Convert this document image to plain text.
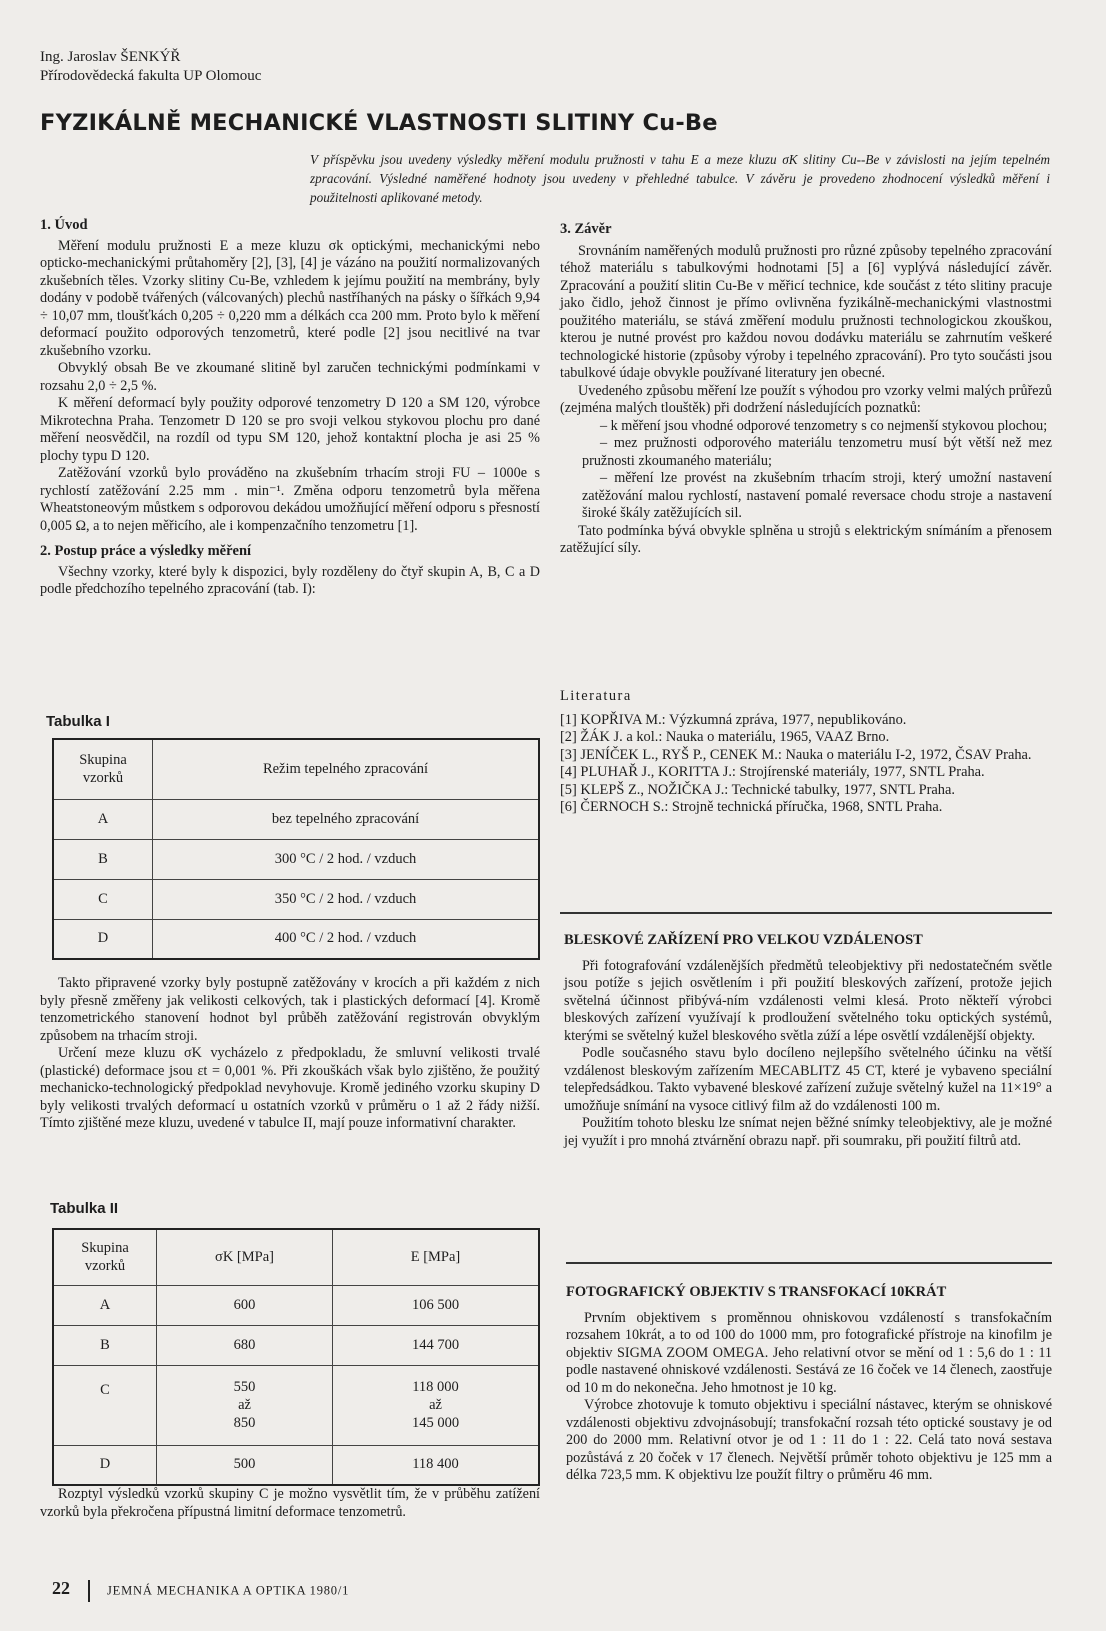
Ing. Jaroslav ŠENKÝŘ
Přírodovědecká fakulta UP Olomouc
FYZIKÁLNĚ MECHANICKÉ VLASTNOSTI SLITINY Cu-Be
V příspěvku jsou uvedeny výsledky měření modulu pružnosti v tahu E a meze kluzu σK slitiny Cu--Be v závislosti na jejím tepelném zpracování. Výsledné naměřené hodnoty jsou uvedeny v přehledné tabulce. V závěru je provedeno zhodnocení výsledků měření i použitelnosti aplikované metody.

1. Úvod

Měření modulu pružnosti E a meze kluzu σk optickými, mechanickými nebo opticko-mechanickými průtahoměry [2], [3], [4] je vázáno na použití normalizovaných zkušebních těles. Vzorky slitiny Cu-Be, vzhledem k jejímu použití na membrány, byly dodány v podobě tvářených (válcovaných) plechů nastříhaných na pásky o šířkách 9,94 ÷ 10,07 mm, tloušťkách 0,205 ÷ 0,220 mm a délkách cca 200 mm. Proto bylo k měření deformací použito odporových tenzometrů, které podle [2] jsou necitlivé na tvar zkušebního vzorku.

Obvyklý obsah Be ve zkoumané slitině byl zaručen technickými podmínkami v rozsahu 2,0 ÷ 2,5 %.

K měření deformací byly použity odporové tenzometry D 120 a SM 120, výrobce Mikrotechna Praha. Tenzometr D 120 se pro svoji velkou stykovou plochu pro dané měření neosvědčil, na rozdíl od typu SM 120, jehož kontaktní plocha je asi 25 % plochy typu D 120.

Zatěžování vzorků bylo prováděno na zkušebním trhacím stroji FU – 1000e s rychlostí zatěžování 2.25 mm . min⁻¹. Změna odporu tenzometrů byla měřena Wheatstoneovým můstkem s odporovou dekádou umožňující měření odporu s přesností 0,005 Ω, a to nejen měřicího, ale i kompenzačního tenzometru [1].

2. Postup práce a výsledky měření

Všechny vzorky, které byly k dispozici, byly rozděleny do čtyř skupin A, B, C a D podle předchozího tepelného zpracování (tab. I):

Tabulka I
Skupina
vzorků	Režim tepelného zpracování
A	bez tepelného zpracování
B	300 °C / 2 hod. / vzduch
C	350 °C / 2 hod. / vzduch
D	400 °C / 2 hod. / vzduch

Takto připravené vzorky byly postupně zatěžovány v krocích a při každém z nich byly přesně změřeny jak velikosti celkových, tak i plastických deformací [4]. Kromě tenzometrického stanovení hodnot byl průběh zatěžování registrován obvyklým způsobem na trhacím stroji.

Určení meze kluzu σK vycházelo z předpokladu, že smluvní velikosti trvalé (plastické) deformace jsou εt = 0,001 %. Při zkouškách však bylo zjištěno, že použitý mechanicko-technologický předpoklad nevyhovuje. Kromě jediného vzorku skupiny D byly velikosti trvalých deformací u ostatních vzorků v průměru o 1 až 2 řády nižší. Tímto zjištěné meze kluzu, uvedené v tabulce II, mají pouze informativní charakter.

Tabulka II
Skupina
vzorků	σK [MPa]	E [MPa]
A	600	106 500
B	680	144 700
C	550
až
850	118 000
až
145 000
D	500	118 400

Rozptyl výsledků vzorků skupiny C je možno vysvětlit tím, že v průběhu zatížení vzorků byla překročena přípustná limitní deformace tenzometrů.

3. Závěr

Srovnáním naměřených modulů pružnosti pro různé způsoby tepelného zpracování téhož materiálu s tabulkovými hodnotami [5] a [6] vyplývá následující závěr. Zpracování a použití slitin Cu-Be v měřicí technice, kde součást z této slitiny pracuje jako čidlo, jehož činnost je přímo ovlivněna fyzikálně-mechanickými vlastnostmi použitého materiálu, se stává změření modulu pružnosti technologickou zkouškou, kterou je nutné provést pro každou novou dodávku materiálu se zahrnutím veškeré technologické historie (způsoby výroby i tepelného zpracování). Pro tyto součásti jsou tabulkové údaje obvykle používané literatury jen obecné.

Uvedeného způsobu měření lze použít s výhodou pro vzorky velmi malých průřezů (zejména malých tlouštěk) při dodržení následujících poznatků:

– k měření jsou vhodné odporové tenzometry s co nejmenší stykovou plochou;

– mez pružnosti odporového materiálu tenzometru musí být větší než mez pružnosti zkoumaného materiálu;

– měření lze provést na zkušebním trhacím stroji, který umožní nastavení zatěžování malou rychlostí, nastavení pomalé reversace chodu stroje a nastavení široké škály zatěžujících sil.

Tato podmínka bývá obvykle splněna u strojů s elektrickým snímáním a přenosem zatěžující síly.

Literatura
[1] KOPŘIVA M.: Výzkumná zpráva, 1977, nepublikováno.
[2] ŽÁK J. a kol.: Nauka o materiálu, 1965, VAAZ Brno.
[3] JENÍČEK L., RYŠ P., CENEK M.: Nauka o materiálu I-2, 1972, ČSAV Praha.
[4] PLUHAŘ J., KORITTA J.: Strojírenské materiály, 1977, SNTL Praha.
[5] KLEPŠ Z., NOŽIČKA J.: Technické tabulky, 1977, SNTL Praha.
[6] ČERNOCH S.: Strojně technická příručka, 1968, SNTL Praha.

BLESKOVÉ ZAŘÍZENÍ PRO VELKOU VZDÁLENOST

Při fotografování vzdálenějších předmětů teleobjektivy při nedostatečném světle jsou potíže s jejich osvětlením i při použití bleskových zařízení, protože jejich světelná účinnost přibývá-ním vzdálenosti velmi klesá. Proto někteří výrobci bleskových zařízení využívají k prodloužení světelného toku optických systémů, kterými se světelný kužel bleskového světla zúží a lépe osvětlí vzdálenější objekty.

Podle současného stavu bylo docíleno nejlepšího světelného účinku na větší vzdálenost bleskovým zařízením MECABLITZ 45 CT, které je vybaveno speciální telepředsádkou. Takto vybavené bleskové zařízení zužuje světelný kužel na 11×19° a umožňuje snímání na vysoce citlivý film až do vzdálenosti 100 m.

Použitím tohoto blesku lze snímat nejen běžné snímky teleobjektivy, ale je možné jej využít i pro mnohá ztvárnění obrazu např. při soumraku, při použití filtrů atd.

FOTOGRAFICKÝ OBJEKTIV S TRANSFOKACÍ 10KRÁT

Prvním objektivem s proměnnou ohniskovou vzdáleností s transfokačním rozsahem 10krát, a to od 100 do 1000 mm, pro fotografické přístroje na kinofilm je objektiv SIGMA ZOOM OMEGA. Jeho relativní otvor se mění od 1 : 5,6 do 1 : 11 podle nastavené ohniskové vzdálenosti. Sestává ze 16 čoček ve 14 členech, zaostřuje od 10 m do nekonečna. Jeho hmotnost je 10 kg.

Výrobce zhotovuje k tomuto objektivu i speciální nástavec, kterým se ohniskové vzdálenosti objektivu zdvojnásobují; transfokační rozsah této optické soustavy je od 200 do 2000 mm. Relativní otvor je od 1 : 11 do 1 : 22. Celá tato nová sestava pozůstává z 20 čoček v 17 členech. Největší průměr tohoto objektivu je 125 mm a délka 723,5 mm. K objektivu lze použít filtry o průměru 46 mm.

22	JEMNÁ MECHANIKA A OPTIKA 1980/1
